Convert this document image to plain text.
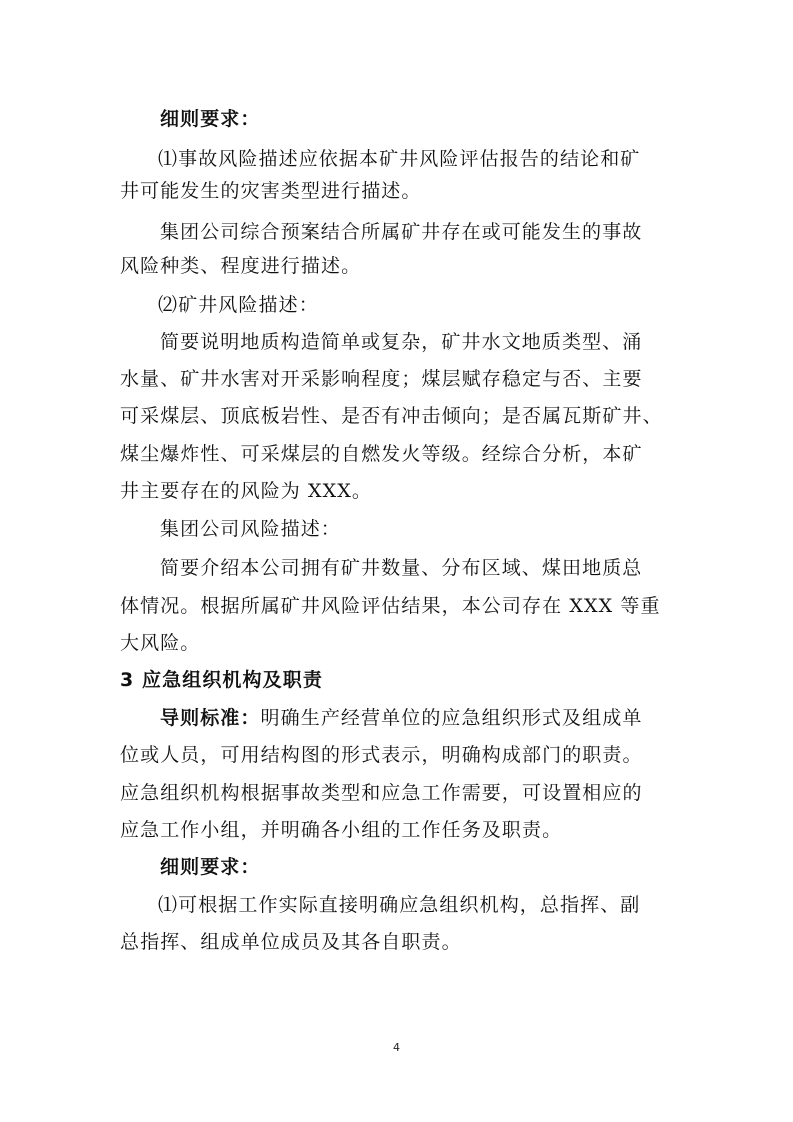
细则要求：
⑴事故风险描述应依据本矿井风险评估报告的结论和矿
井可能发生的灾害类型进行描述。
集团公司综合预案结合所属矿井存在或可能发生的事故
风险种类、程度进行描述。
⑵矿井风险描述：
简要说明地质构造简单或复杂，矿井水文地质类型、涌
水量、矿井水害对开采影响程度；煤层赋存稳定与否、主要
可采煤层、顶底板岩性、是否有冲击倾向；是否属瓦斯矿井、
煤尘爆炸性、可采煤层的自燃发火等级。经综合分析，本矿
井主要存在的风险为 XXX。
集团公司风险描述：
简要介绍本公司拥有矿井数量、分布区域、煤田地质总
体情况。根据所属矿井风险评估结果，本公司存在 XXX 等重
大风险。
3 应急组织机构及职责
导则标准：明确生产经营单位的应急组织形式及组成单
位或人员，可用结构图的形式表示，明确构成部门的职责。
应急组织机构根据事故类型和应急工作需要，可设置相应的
应急工作小组，并明确各小组的工作任务及职责。
细则要求：
⑴可根据工作实际直接明确应急组织机构，总指挥、副
总指挥、组成单位成员及其各自职责。
4
